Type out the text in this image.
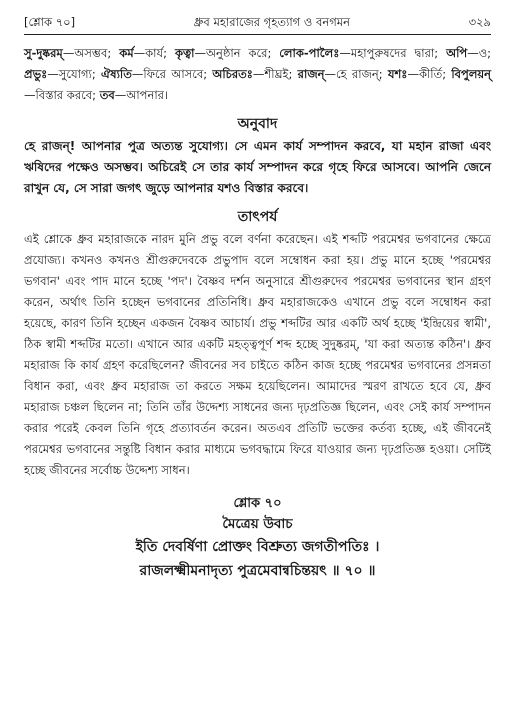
[শ্লোক ৭০]	ধ্রুব মহারাজের গৃহত্যাগ ও বনগমন	৩২৯
সু-দুষ্করম্—অসম্ভব; কর্ম—কার্য; কৃত্বা—অনুষ্ঠান করে; লোক-পালৈঃ—মহাপুরুষদের দ্বারা; অপি—ও; প্রভুঃ—সুযোগ্য; ঐষ্যতি—ফিরে আসবে; অচিরতঃ—শীঘ্রই; রাজন্—হে রাজন্; যশঃ—কীর্তি; বিপুলয়ন্—বিস্তার করবে; তব—আপনার।
অনুবাদ
হে রাজন্! আপনার পুত্র অত্যন্ত সুযোগ্য। সে এমন কার্য সম্পাদন করবে, যা মহান রাজা এবং ঋষিদের পক্ষেও অসম্ভব। অচিরেই সে তার কার্য সম্পাদন করে গৃহে ফিরে আসবে। আপনি জেনে রাখুন যে, সে সারা জগৎ জুড়ে আপনার যশও বিস্তার করবে।
তাৎপর্য
এই শ্লোকে ধ্রুব মহারাজকে নারদ মুনি প্রভু বলে বর্ণনা করেছেন। এই শব্দটি পরমেশ্বর ভগবানের ক্ষেত্রে প্রযোজ্য। কখনও কখনও শ্রীগুরুদেবকে প্রভুপাদ বলে সম্বোধন করা হয়। প্রভু মানে হচ্ছে 'পরমেশ্বর ভগবান' এবং পাদ মানে হচ্ছে 'পদ'। বৈষ্ণব দর্শন অনুসারে শ্রীগুরুদেব পরমেশ্বর ভগবানের স্থান গ্রহণ করেন, অর্থাৎ তিনি হচ্ছেন ভগবানের প্রতিনিধি। ধ্রুব মহারাজকেও এখানে প্রভু বলে সম্বোধন করা হয়েছে, কারণ তিনি হচ্ছেন একজন বৈষ্ণব আচার্য। প্রভু শব্দটির আর একটি অর্থ হচ্ছে 'ইন্দ্রিয়ের স্বামী', ঠিক স্বামী শব্দটির মতো। এখানে আর একটি মহত্ত্বপূর্ণ শব্দ হচ্ছে সুদুষ্করম্, 'যা করা অত্যন্ত কঠিন'। ধ্রুব মহারাজ কি কার্য গ্রহণ করেছিলেন? জীবনের সব চাইতে কঠিন কাজ হচ্ছে পরমেশ্বর ভগবানের প্রসন্নতা বিধান করা, এবং ধ্রুব মহারাজ তা করতে সক্ষম হয়েছিলেন। আমাদের স্মরণ রাখতে হবে যে, ধ্রুব মহারাজ চঞ্চল ছিলেন না; তিনি তাঁর উদ্দেশ্য সাধনের জন্য দৃঢ়প্রতিজ্ঞ ছিলেন, এবং সেই কার্য সম্পাদন করার পরেই কেবল তিনি গৃহে প্রত্যাবর্তন করেন। অতএব প্রতিটি ভক্তের কর্তব্য হচ্ছে, এই জীবনেই পরমেশ্বর ভগবানের সন্তুষ্টি বিধান করার মাধ্যমে ভগবদ্ধামে ফিরে যাওয়ার জন্য দৃঢ়প্রতিজ্ঞ হওয়া। সেটিই হচ্ছে জীবনের সর্বোচ্চ উদ্দেশ্য সাধন।
শ্লোক ৭০
মৈত্রেয় উবাচ
ইতি দেবর্ষিণা প্রোক্তং বিশ্রুত্য জগতীপতিঃ ।
রাজলক্ষ্মীমনাদৃত্য পুত্রমেবান্বচিন্তয়ৎ ॥ ৭০ ॥
